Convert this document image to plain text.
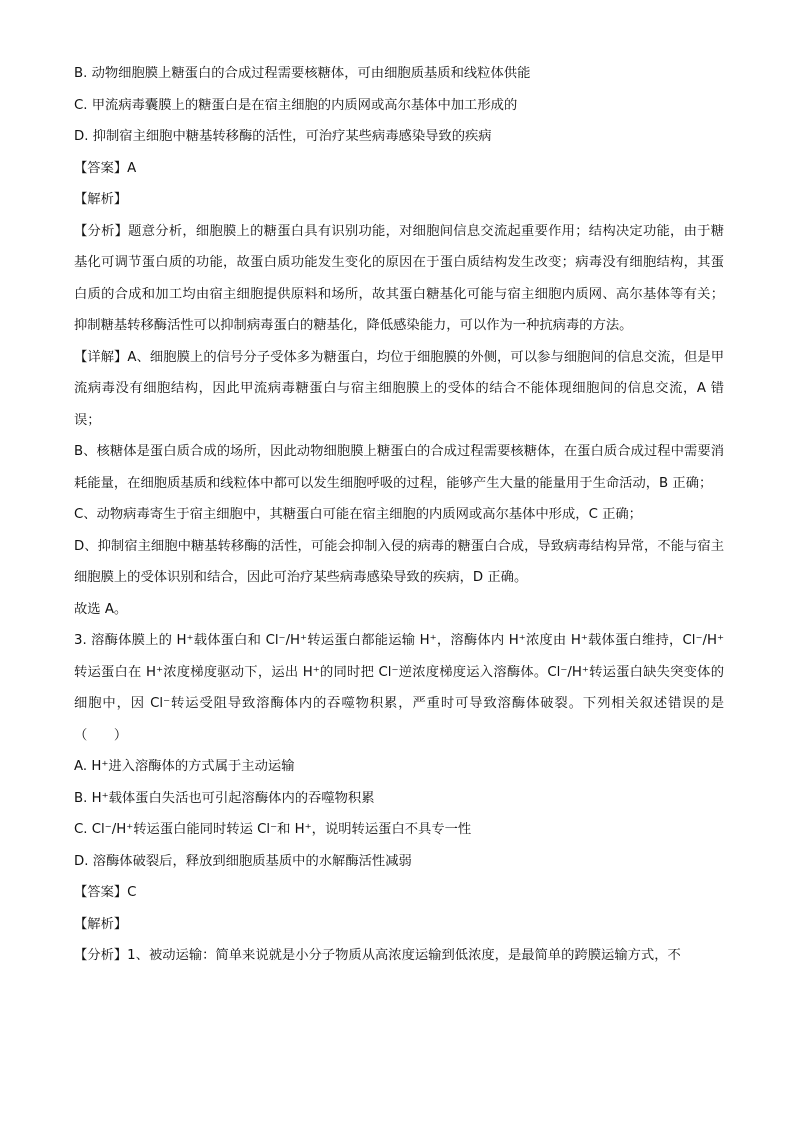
B. 动物细胞膜上糖蛋白的合成过程需要核糖体，可由细胞质基质和线粒体供能
C. 甲流病毒囊膜上的糖蛋白是在宿主细胞的内质网或高尔基体中加工形成的
D. 抑制宿主细胞中糖基转移酶的活性，可治疗某些病毒感染导致的疾病
【答案】A
【解析】
【分析】题意分析，细胞膜上的糖蛋白具有识别功能，对细胞间信息交流起重要作用；结构决定功能，由于糖基化可调节蛋白质的功能，故蛋白质功能发生变化的原因在于蛋白质结构发生改变；病毒没有细胞结构，其蛋白质的合成和加工均由宿主细胞提供原料和场所，故其蛋白糖基化可能与宿主细胞内质网、高尔基体等有关；抑制糖基转移酶活性可以抑制病毒蛋白的糖基化，降低感染能力，可以作为一种抗病毒的方法。
【详解】A、细胞膜上的信号分子受体多为糖蛋白，均位于细胞膜的外侧，可以参与细胞间的信息交流，但是甲流病毒没有细胞结构，因此甲流病毒糖蛋白与宿主细胞膜上的受体的结合不能体现细胞间的信息交流，A 错误；
B、核糖体是蛋白质合成的场所，因此动物细胞膜上糖蛋白的合成过程需要核糖体，在蛋白质合成过程中需要消耗能量，在细胞质基质和线粒体中都可以发生细胞呼吸的过程，能够产生大量的能量用于生命活动，B 正确；
C、动物病毒寄生于宿主细胞中，其糖蛋白可能在宿主细胞的内质网或高尔基体中形成，C 正确；
D、抑制宿主细胞中糖基转移酶的活性，可能会抑制入侵的病毒的糖蛋白合成，导致病毒结构异常，不能与宿主细胞膜上的受体识别和结合，因此可治疗某些病毒感染导致的疾病，D 正确。
故选 A。
3. 溶酶体膜上的 H⁺载体蛋白和 Cl⁻/H⁺转运蛋白都能运输 H⁺，溶酶体内 H⁺浓度由 H⁺载体蛋白维持，Cl⁻/H⁺转运蛋白在 H⁺浓度梯度驱动下，运出 H⁺的同时把 Cl⁻逆浓度梯度运入溶酶体。Cl⁻/H⁺转运蛋白缺失突变体的细胞中，因 Cl⁻转运受阻导致溶酶体内的吞噬物积累，严重时可导致溶酶体破裂。下列相关叙述错误的是（　　）
A. H⁺进入溶酶体的方式属于主动运输
B. H⁺载体蛋白失活也可引起溶酶体内的吞噬物积累
C. Cl⁻/H⁺转运蛋白能同时转运 Cl⁻和 H⁺，说明转运蛋白不具专一性
D. 溶酶体破裂后，释放到细胞质基质中的水解酶活性减弱
【答案】C
【解析】
【分析】1、被动运输：简单来说就是小分子物质从高浓度运输到低浓度，是最简单的跨膜运输方式，不
